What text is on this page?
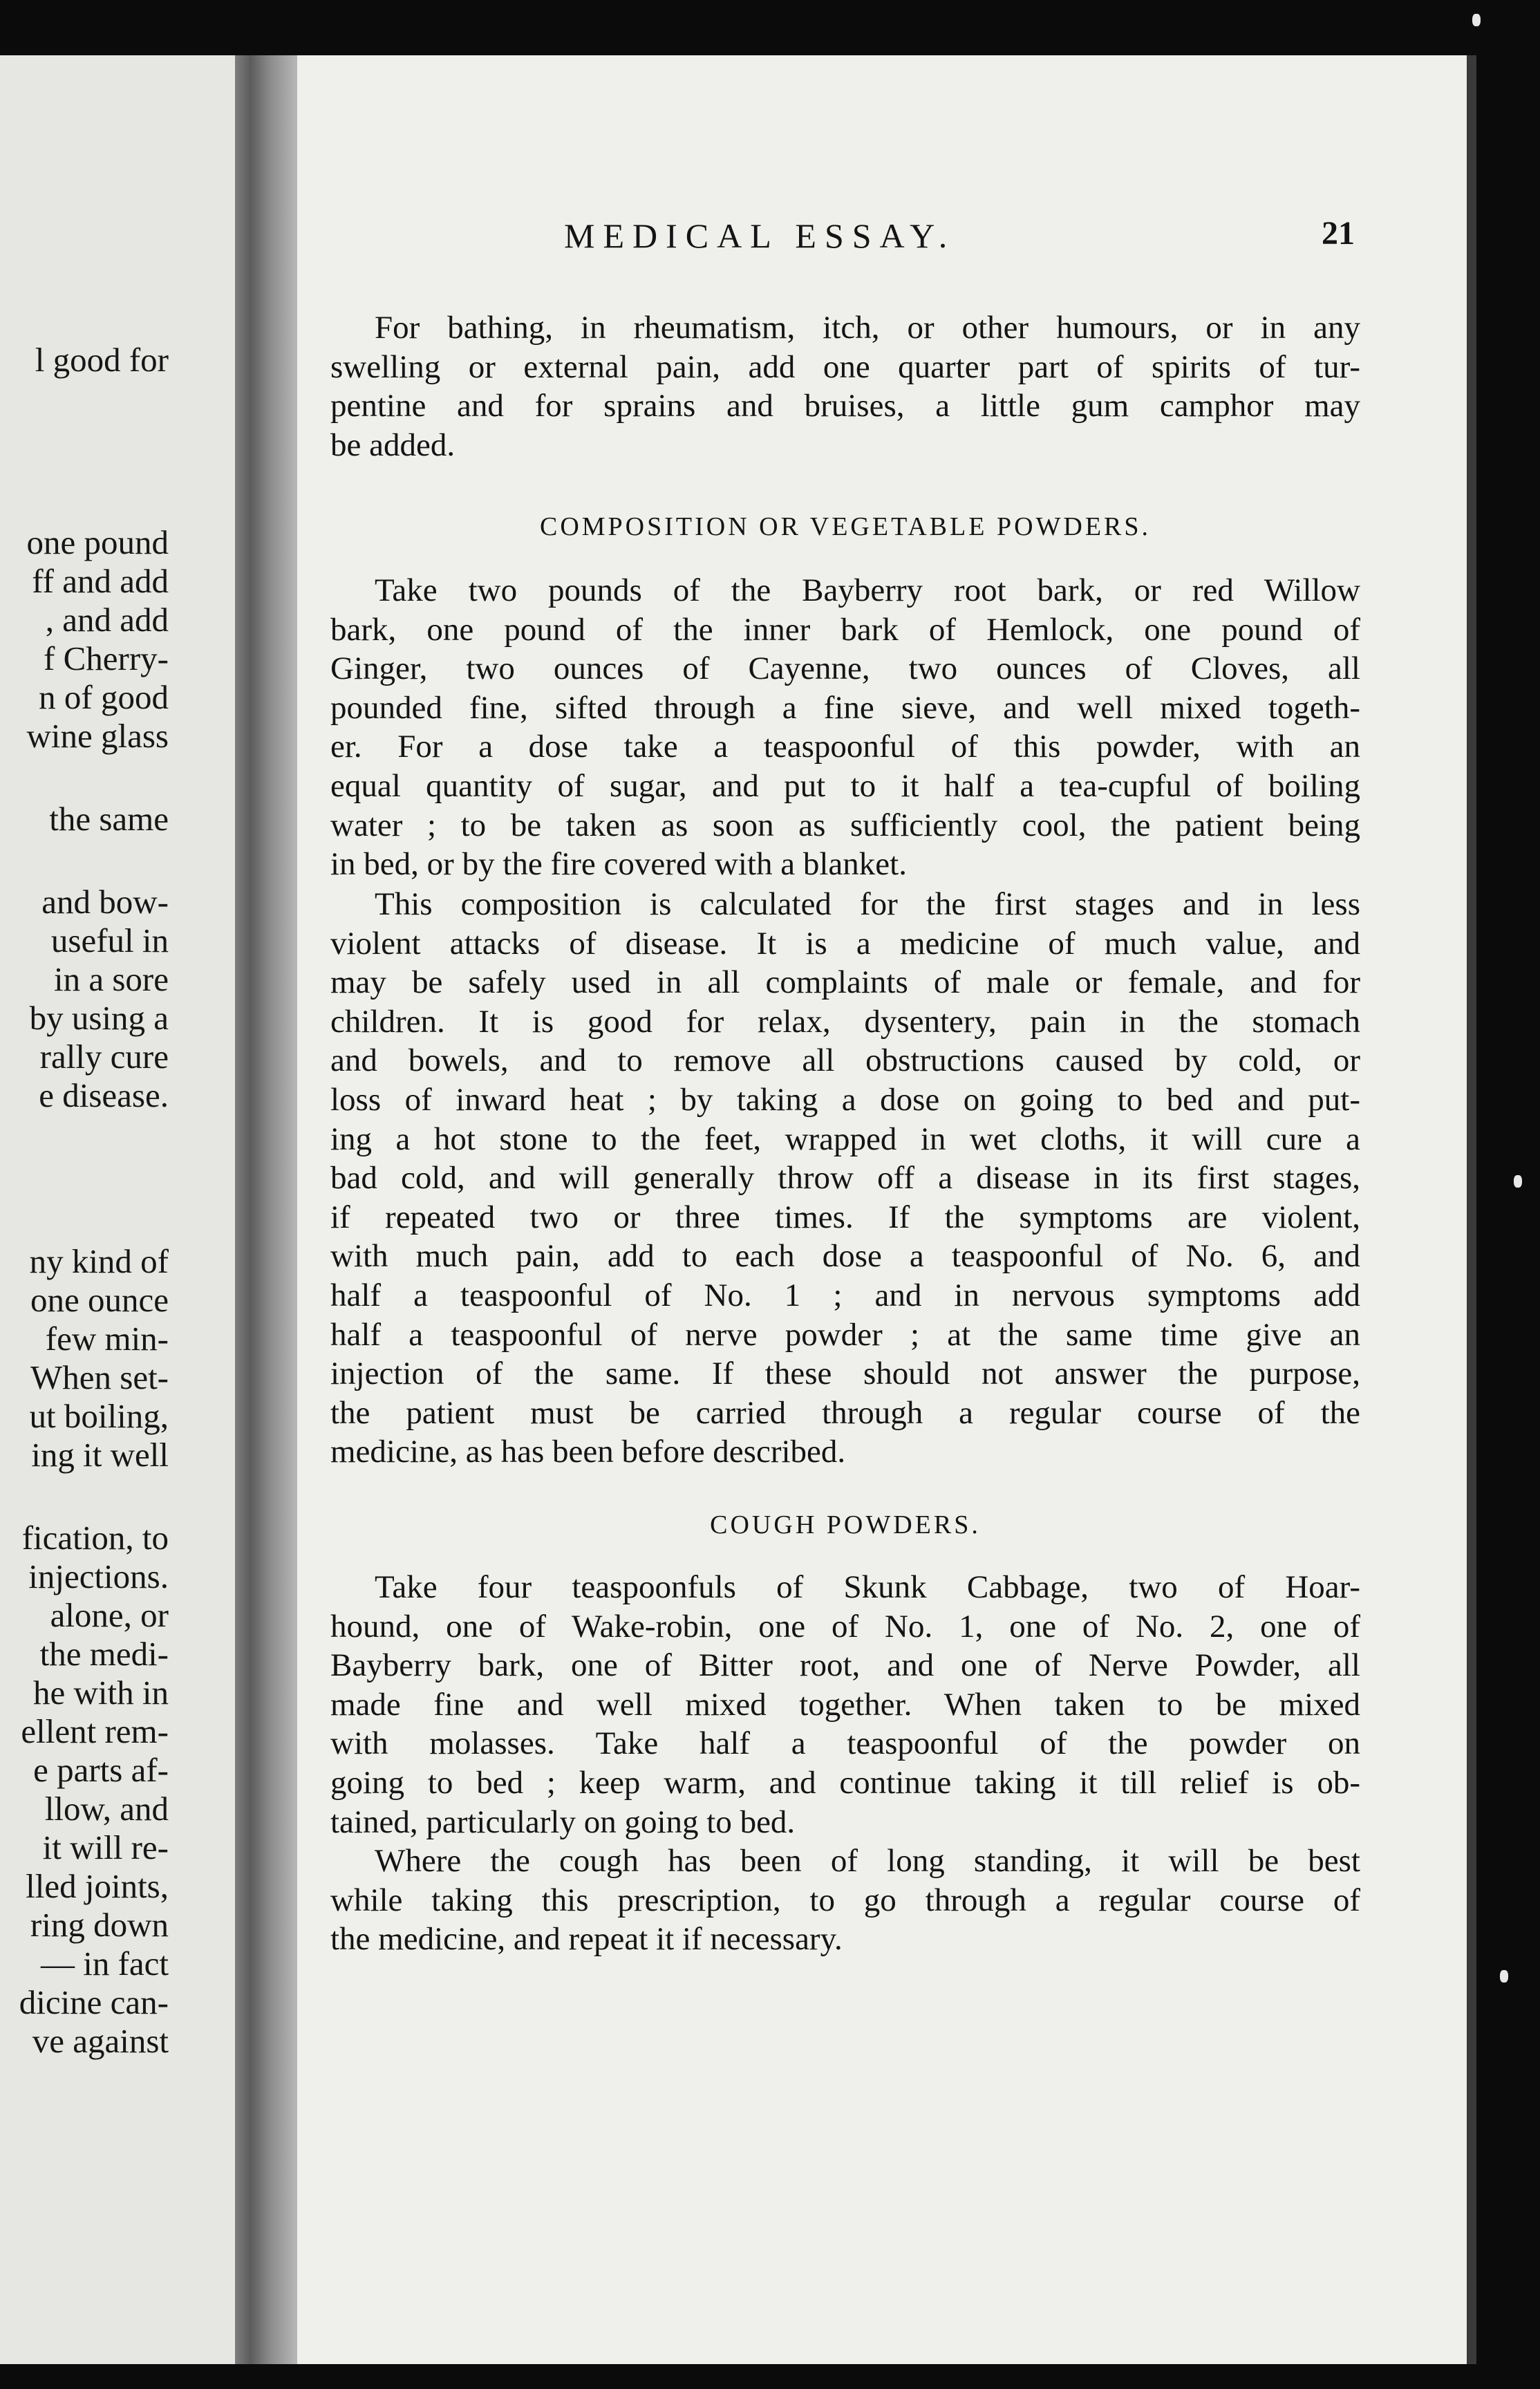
l good for
one pound
ff and add
, and add
f Cherry-
n of good
wine glass
the same
and bow-
useful in
in a sore
by using a
rally cure
e disease.
ny kind of
one ounce
few min-
When set-
ut boiling,
ing it well
fication, to
injections.
alone, or
the medi-
he with in
ellent rem-
e parts af-
llow, and
it will re-
lled joints,
ring down
— in fact
dicine can-
ve against
MEDICAL ESSAY.	21
For bathing, in rheumatism, itch, or other humours, or in any
swelling or external pain, add one quarter part of spirits of tur-
pentine and for sprains and bruises, a little gum camphor may
be added.
COMPOSITION OR VEGETABLE POWDERS.
Take two pounds of the Bayberry root bark, or red Willow
bark, one pound of the inner bark of Hemlock, one pound of
Ginger, two ounces of Cayenne, two ounces of Cloves, all
pounded fine, sifted through a fine sieve, and well mixed togeth-
er. For a dose take a teaspoonful of this powder, with an
equal quantity of sugar, and put to it half a tea-cupful of boiling
water ; to be taken as soon as sufficiently cool, the patient being
in bed, or by the fire covered with a blanket.
This composition is calculated for the first stages and in less
violent attacks of disease. It is a medicine of much value, and
may be safely used in all complaints of male or female, and for
children. It is good for relax, dysentery, pain in the stomach
and bowels, and to remove all obstructions caused by cold, or
loss of inward heat ; by taking a dose on going to bed and put-
ing a hot stone to the feet, wrapped in wet cloths, it will cure a
bad cold, and will generally throw off a disease in its first stages,
if repeated two or three times. If the symptoms are violent,
with much pain, add to each dose a teaspoonful of No. 6, and
half a teaspoonful of No. 1 ; and in nervous symptoms add
half a teaspoonful of nerve powder ; at the same time give an
injection of the same. If these should not answer the purpose,
the patient must be carried through a regular course of the
medicine, as has been before described.
COUGH POWDERS.
Take four teaspoonfuls of Skunk Cabbage, two of Hoar-
hound, one of Wake-robin, one of No. 1, one of No. 2, one of
Bayberry bark, one of Bitter root, and one of Nerve Powder, all
made fine and well mixed together. When taken to be mixed
with molasses. Take half a teaspoonful of the powder on
going to bed ; keep warm, and continue taking it till relief is ob-
tained, particularly on going to bed.
Where the cough has been of long standing, it will be best
while taking this prescription, to go through a regular course of
the medicine, and repeat it if necessary.
